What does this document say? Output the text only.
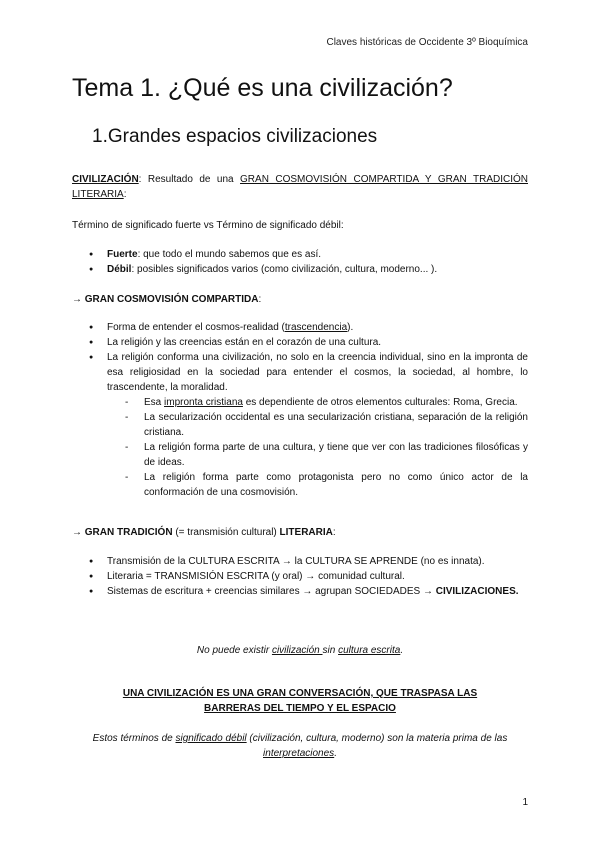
Claves históricas de Occidente 3º Bioquímica
Tema 1. ¿Qué es una civilización?
1.Grandes espacios civilizaciones
CIVILIZACIÓN: Resultado de una GRAN COSMOVISIÓN COMPARTIDA Y GRAN TRADICIÓN LITERARIA:
Término de significado fuerte vs Término de significado débil:
● Fuerte: que todo el mundo sabemos que es así.
● Débil: posibles significados varios (como civilización, cultura, moderno... ).
→ GRAN COSMOVISIÓN COMPARTIDA:
● Forma de entender el cosmos-realidad (trascendencia).
● La religión y las creencias están en el corazón de una cultura.
● La religión conforma una civilización, no solo en la creencia individual, sino en la impronta de esa religiosidad en la sociedad para entender el cosmos, la sociedad, al hombre, lo trascendente, la moralidad.
- Esa impronta cristiana es dependiente de otros elementos culturales: Roma, Grecia.
- La secularización occidental es una secularización cristiana, separación de la religión cristiana.
- La religión forma parte de una cultura, y tiene que ver con las tradiciones filosóficas y de ideas.
- La religión forma parte como protagonista pero no como único actor de la conformación de una cosmovisión.
→ GRAN TRADICIÓN (= transmisión cultural) LITERARIA:
● Transmisión de la CULTURA ESCRITA → la CULTURA SE APRENDE (no es innata).
● Literaria = TRANSMISIÓN ESCRITA (y oral) → comunidad cultural.
● Sistemas de escritura + creencias similares → agrupan SOCIEDADES → CIVILIZACIONES.
No puede existir civilización sin cultura escrita.
UNA CIVILIZACIÓN ES UNA GRAN CONVERSACIÓN, QUE TRASPASA LAS BARRERAS DEL TIEMPO Y EL ESPACIO
Estos términos de significado débil (civilización, cultura, moderno) son la materia prima de las interpretaciones.
1
